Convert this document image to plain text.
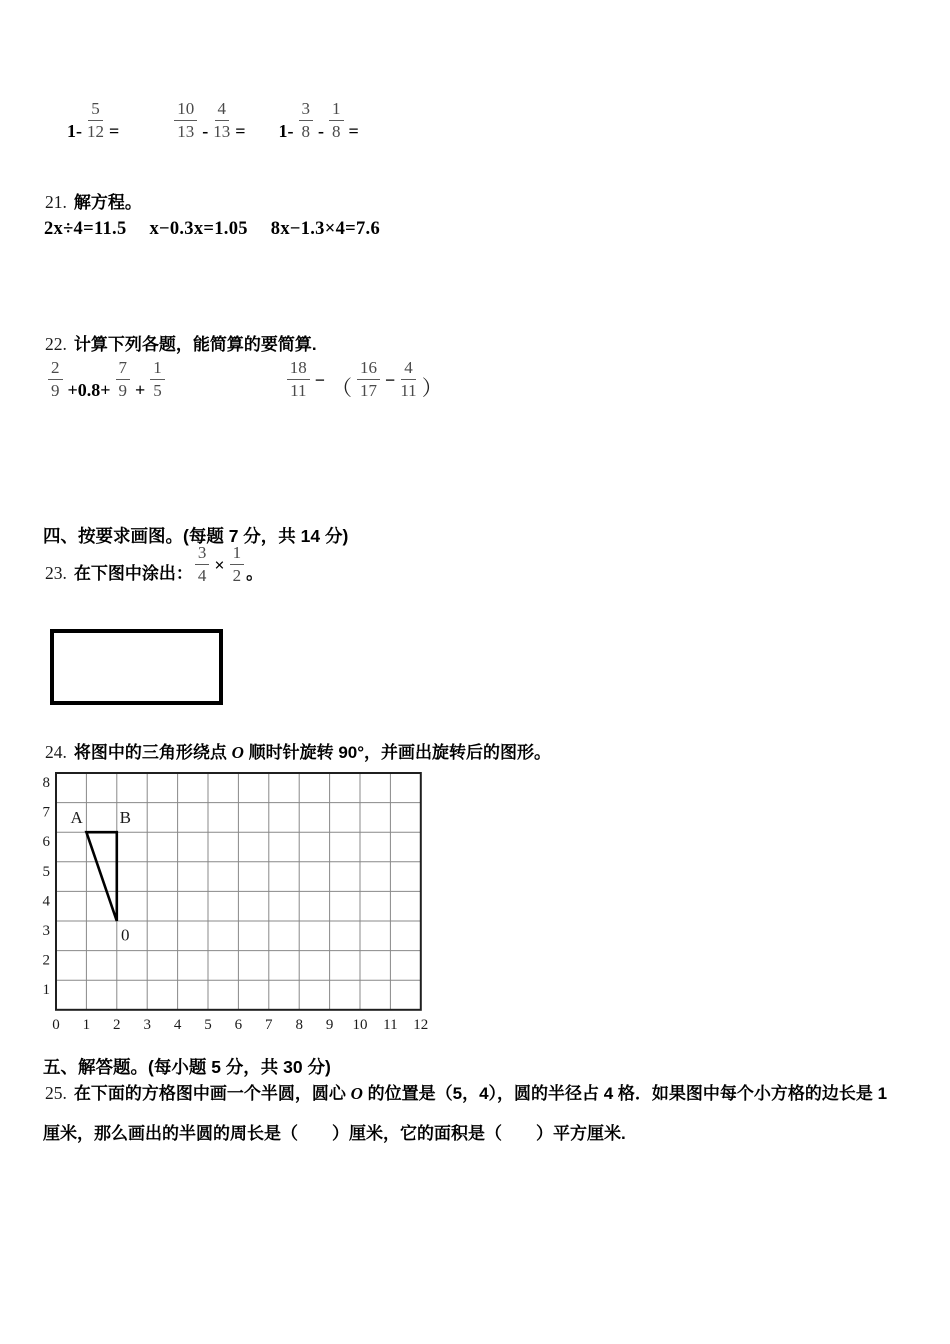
$1- \frac{5}{12}$ =	$\frac{10}{13} - \frac{4}{13} = 1- \frac{3}{8} - \frac{1}{8}$ =
21. 解方程。
2x÷4=11.5 x−0.3x=1.05 8x−1.3×4=7.6
22. 计算下列各题，能简算的要简算.
$\frac{2}{9} +0.8+ \frac{7}{9} + \frac{1}{5}$	$\frac{18}{11}$ − （ $\frac{16}{17} - \frac{4}{11}$ ）
四、按要求画图。(每题 7 分，共 14 分)
23. 在下图中涂出： $\frac{3}{4} \times \frac{1}{2}$ 。
24. 将图中的三角形绕点 O 顺时针旋转 90°，并画出旋转后的图形。
0 1 2 3 4 5 6 7 8 9 10 11 12
8
7
6
5
4
3
2
1
A B
0
五、解答题。(每小题 5 分，共 30 分)
25. 在下面的方格图中画一个半圆，圆心 O 的位置是（5，4），圆的半径占 4 格．如果图中每个小方格的边长是 1
厘米，那么画出的半圆的周长是（　　）厘米，它的面积是（　　）平方厘米.
